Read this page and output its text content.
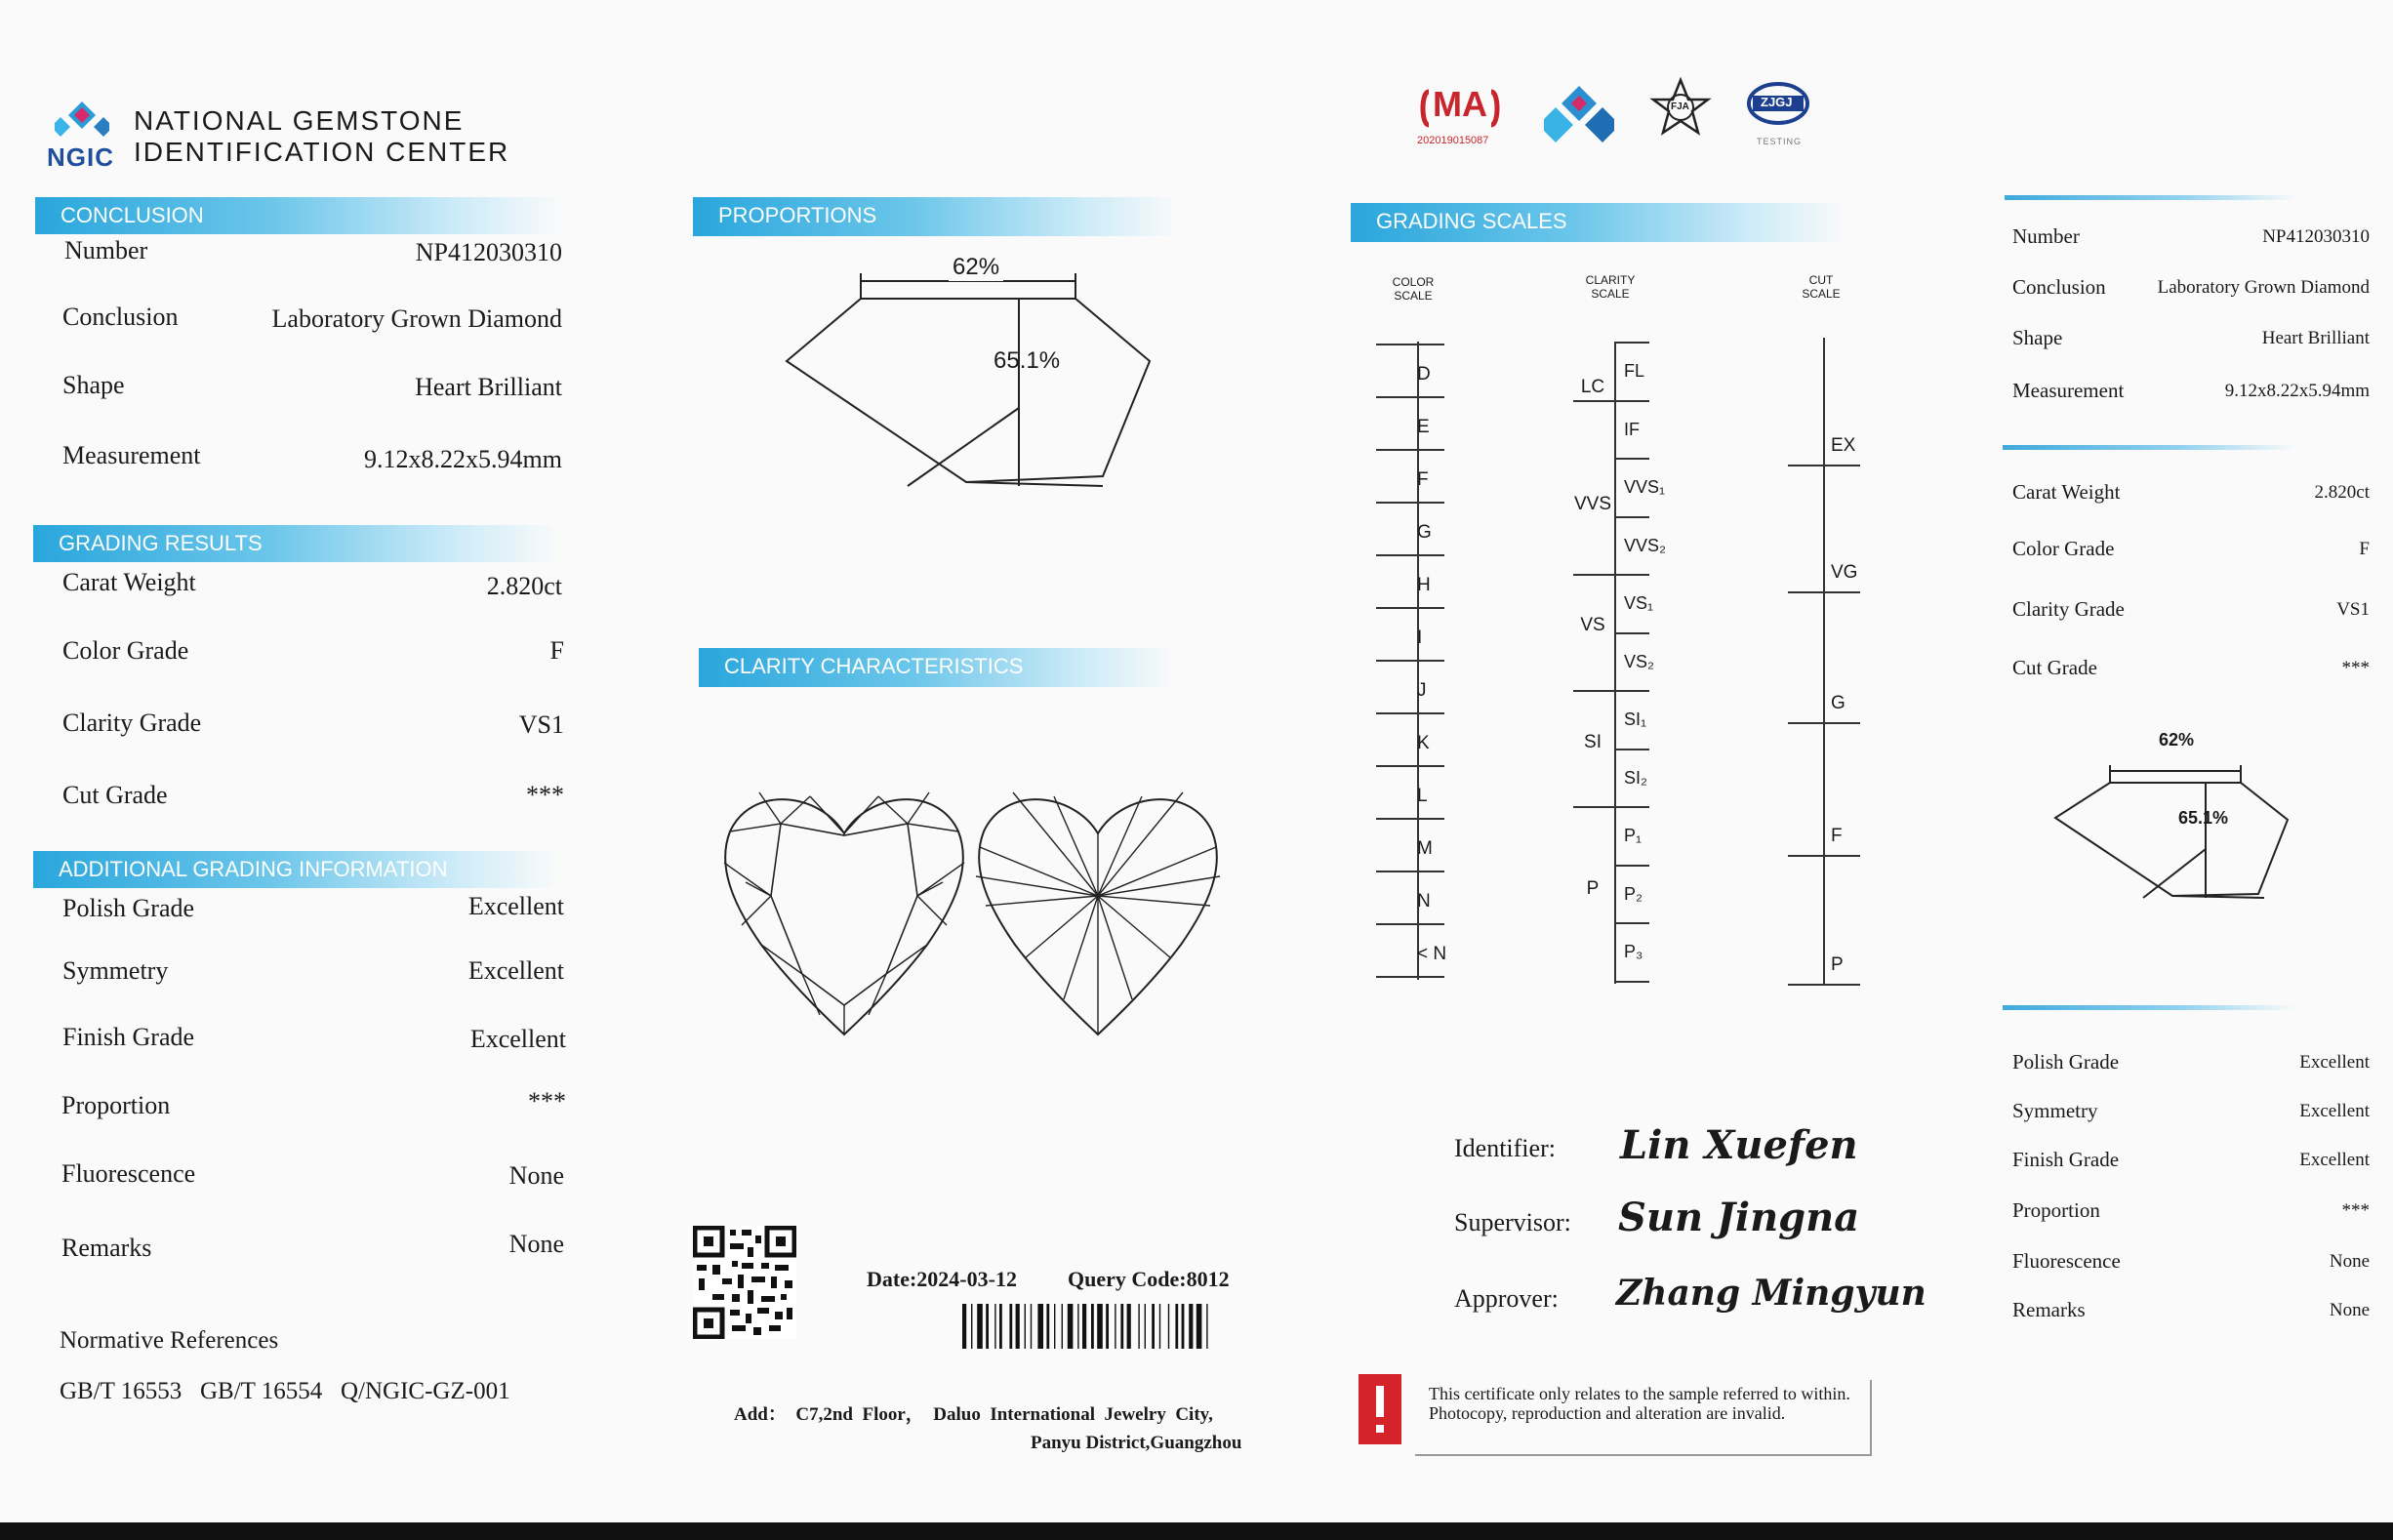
NGIC
NATIONAL GEMSTONE
IDENTIFICATION CENTER
CONCLUSION
Number	NP412030310
Conclusion	Laboratory Grown Diamond
Shape	Heart Brilliant
Measurement	9.12x8.22x5.94mm
GRADING RESULTS
Carat Weight	2.820ct
Color Grade	F
Clarity Grade	VS1
Cut Grade	***
ADDITIONAL GRADING INFORMATION
Polish Grade	Excellent
Symmetry	Excellent
Finish Grade	Excellent
Proportion	***
Fluorescence	None
Remarks	None
Normative References
GB/T 16553   GB/T 16554   Q/NGIC-GZ-001
PROPORTIONS
62%
65.1%
CLARITY CHARACTERISTICS
Date:2024-03-12 Query Code:8012
Add：  C7,2nd  Floor，  Daluo  International  Jewelry  City,
Panyu District,Guangzhou
MA
202019015087
FJA	ZJGJ
TESTING
GRADING SCALES
COLOR
SCALE
CLARITY
SCALE
CUT
SCALE
D
E
F
G
H
I
J
K
L
M
N
< N
FL
IF
VVS₁
VVS₂
VS₁
VS₂
SI₁
SI₂
P₁
P₂
P₃
LC
VVS
VS
SI
P
EX
VG
G
F
P
Identifier: Lin Xuefen
Supervisor: Sun Jingna
Approver: Zhang Mingyun
This certificate only relates to the sample referred to within. Photocopy, reproduction and alteration are invalid.
Number	NP412030310
Conclusion	Laboratory Grown Diamond
Shape	Heart Brilliant
Measurement	9.12x8.22x5.94mm
Carat Weight	2.820ct
Color Grade	F
Clarity Grade	VS1
Cut Grade	***
62%
65.1%
Polish Grade	Excellent
Symmetry	Excellent
Finish Grade	Excellent
Proportion	***
Fluorescence	None
Remarks	None
